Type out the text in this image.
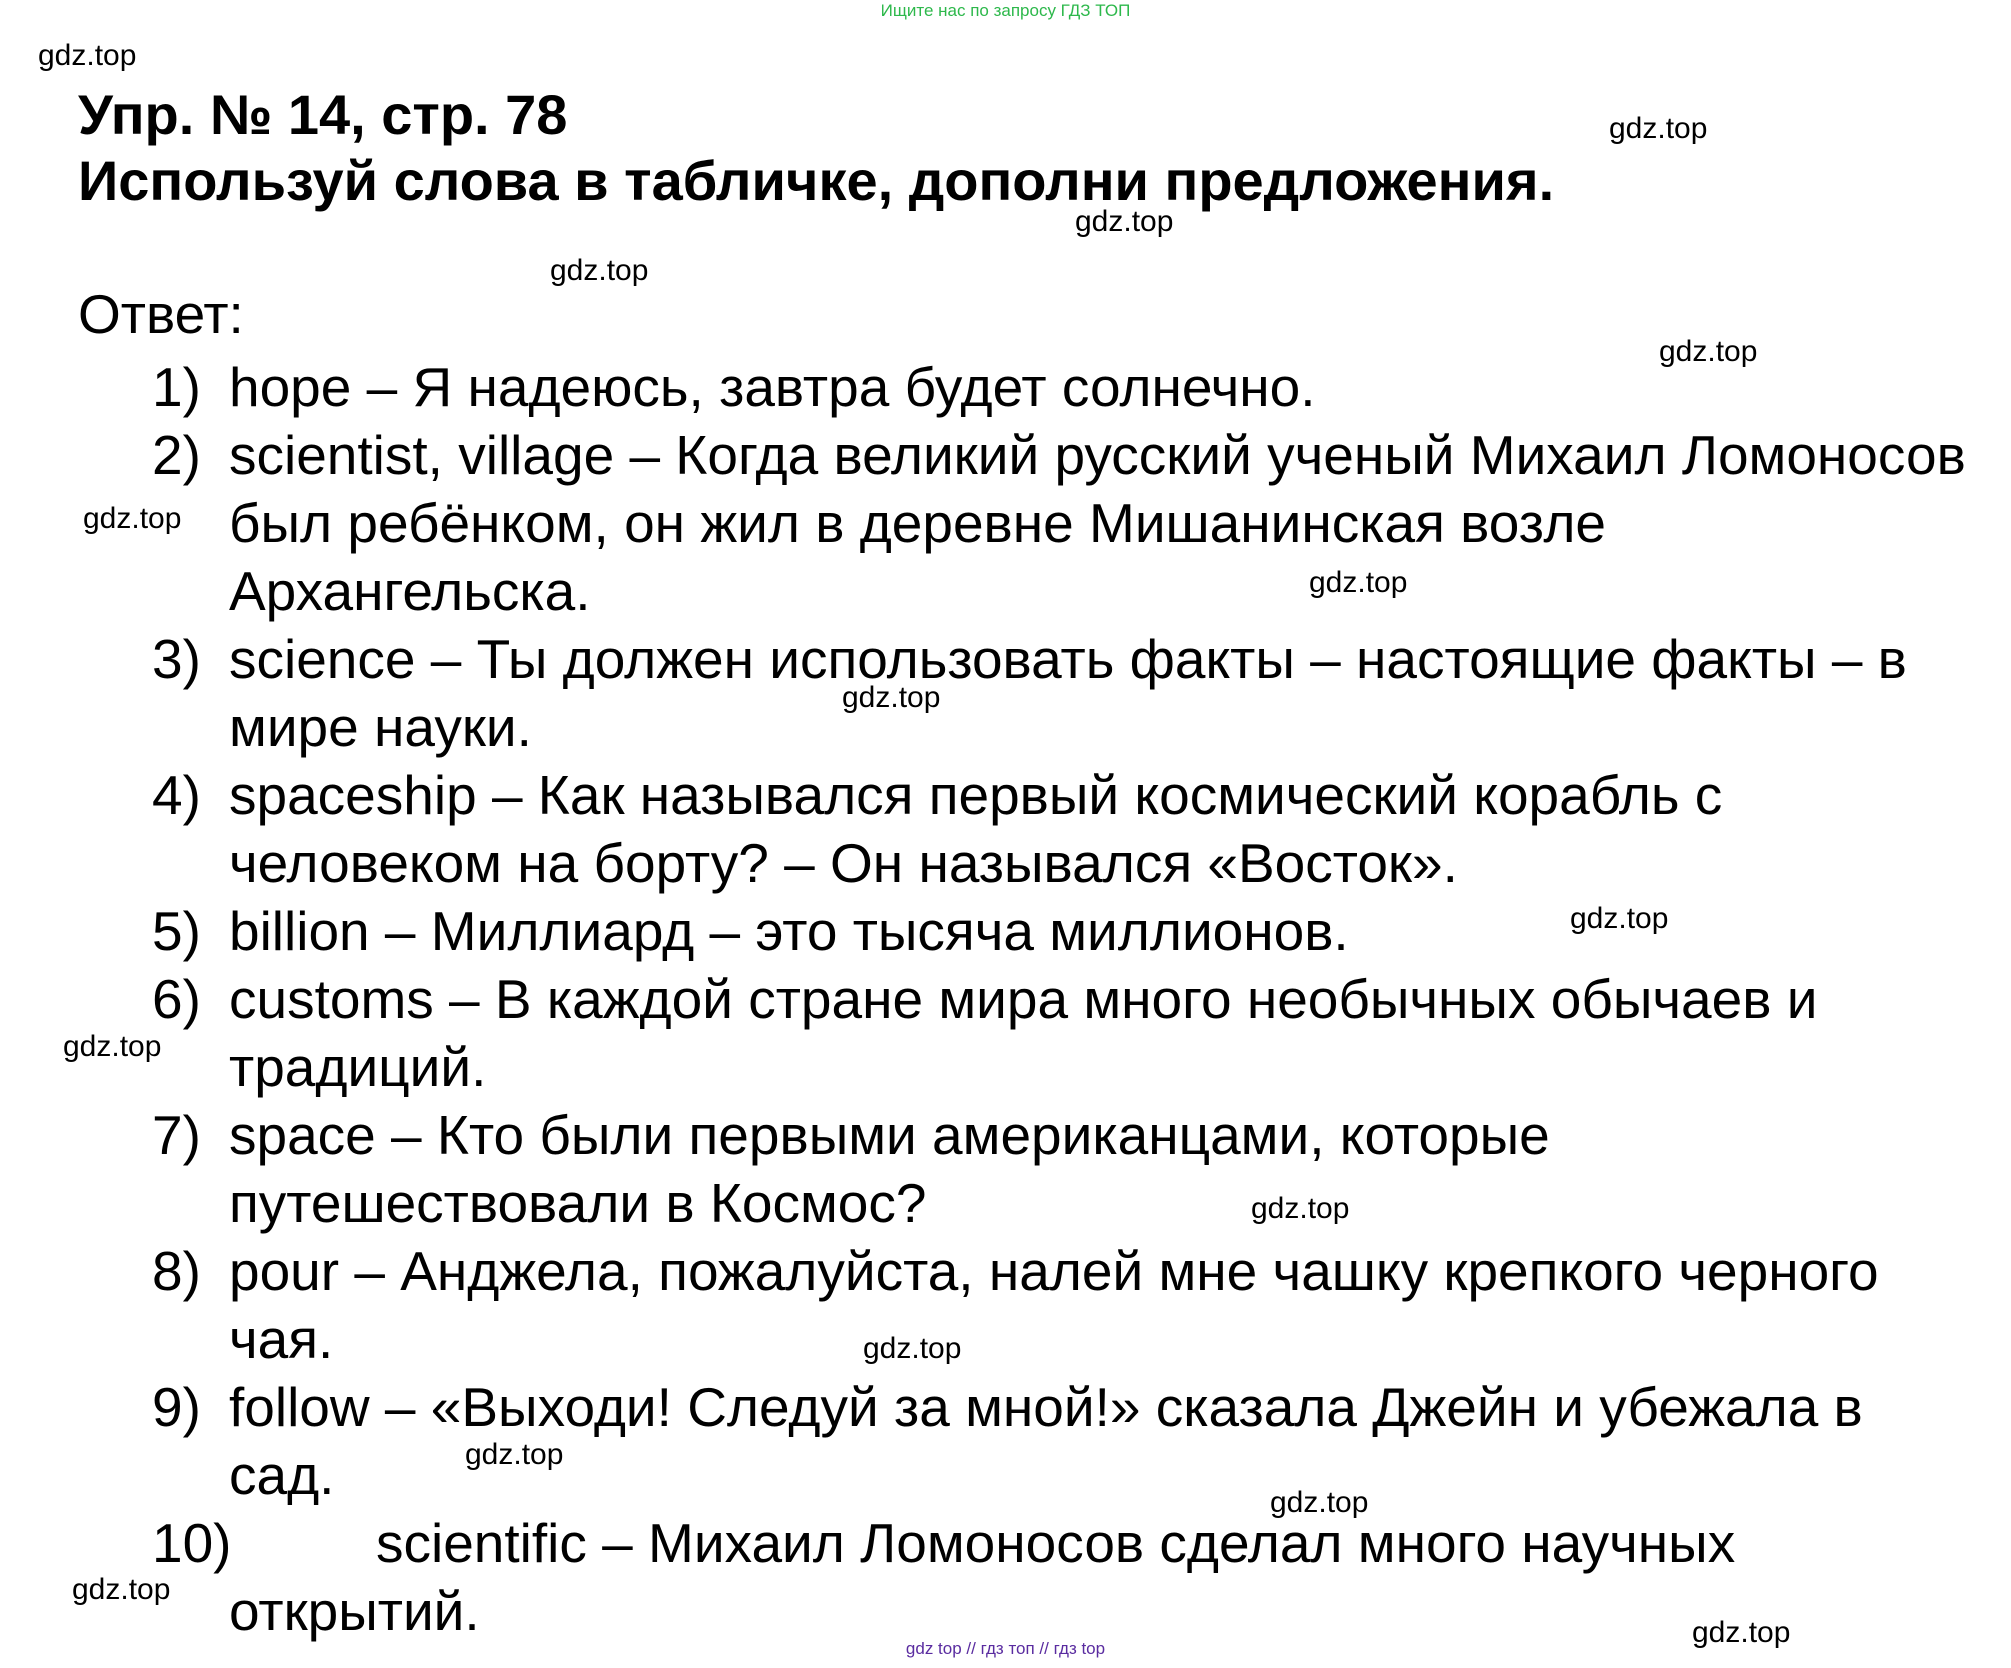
Ищите нас по запросу ГДЗ ТОП
Упр. № 14, стр. 78
Используй слова в табличке, дополни предложения.
Ответ:
1) hope – Я надеюсь, завтра будет солнечно.
2) scientist, village – Когда великий русский ученый Михаил Ломоносов был ребёнком, он жил в деревне Мишанинская возле Архангельска.
3) science – Ты должен использовать факты – настоящие факты – в мире науки.
4) spaceship – Как назывался первый космический корабль с человеком на борту? – Он назывался «Восток».
5) billion – Миллиард – это тысяча миллионов.
6) customs – В каждой стране мира много необычных обычаев и традиций.
7) space – Кто были первыми американцами, которые путешествовали в Космос?
8) pour – Анджела, пожалуйста, налей мне чашку крепкого черного чая.
9) follow – «Выходи! Следуй за мной!» сказала Джейн и убежала в сад.
10)	scientific – Михаил Ломоносов сделал много научных открытий.
gdz.top
gdz.top
gdz.top
gdz.top
gdz.top
gdz.top
gdz.top
gdz.top
gdz.top
gdz.top
gdz.top
gdz.top
gdz.top
gdz.top
gdz.top
gdz.top
gdz top // гдз топ // гдз top
